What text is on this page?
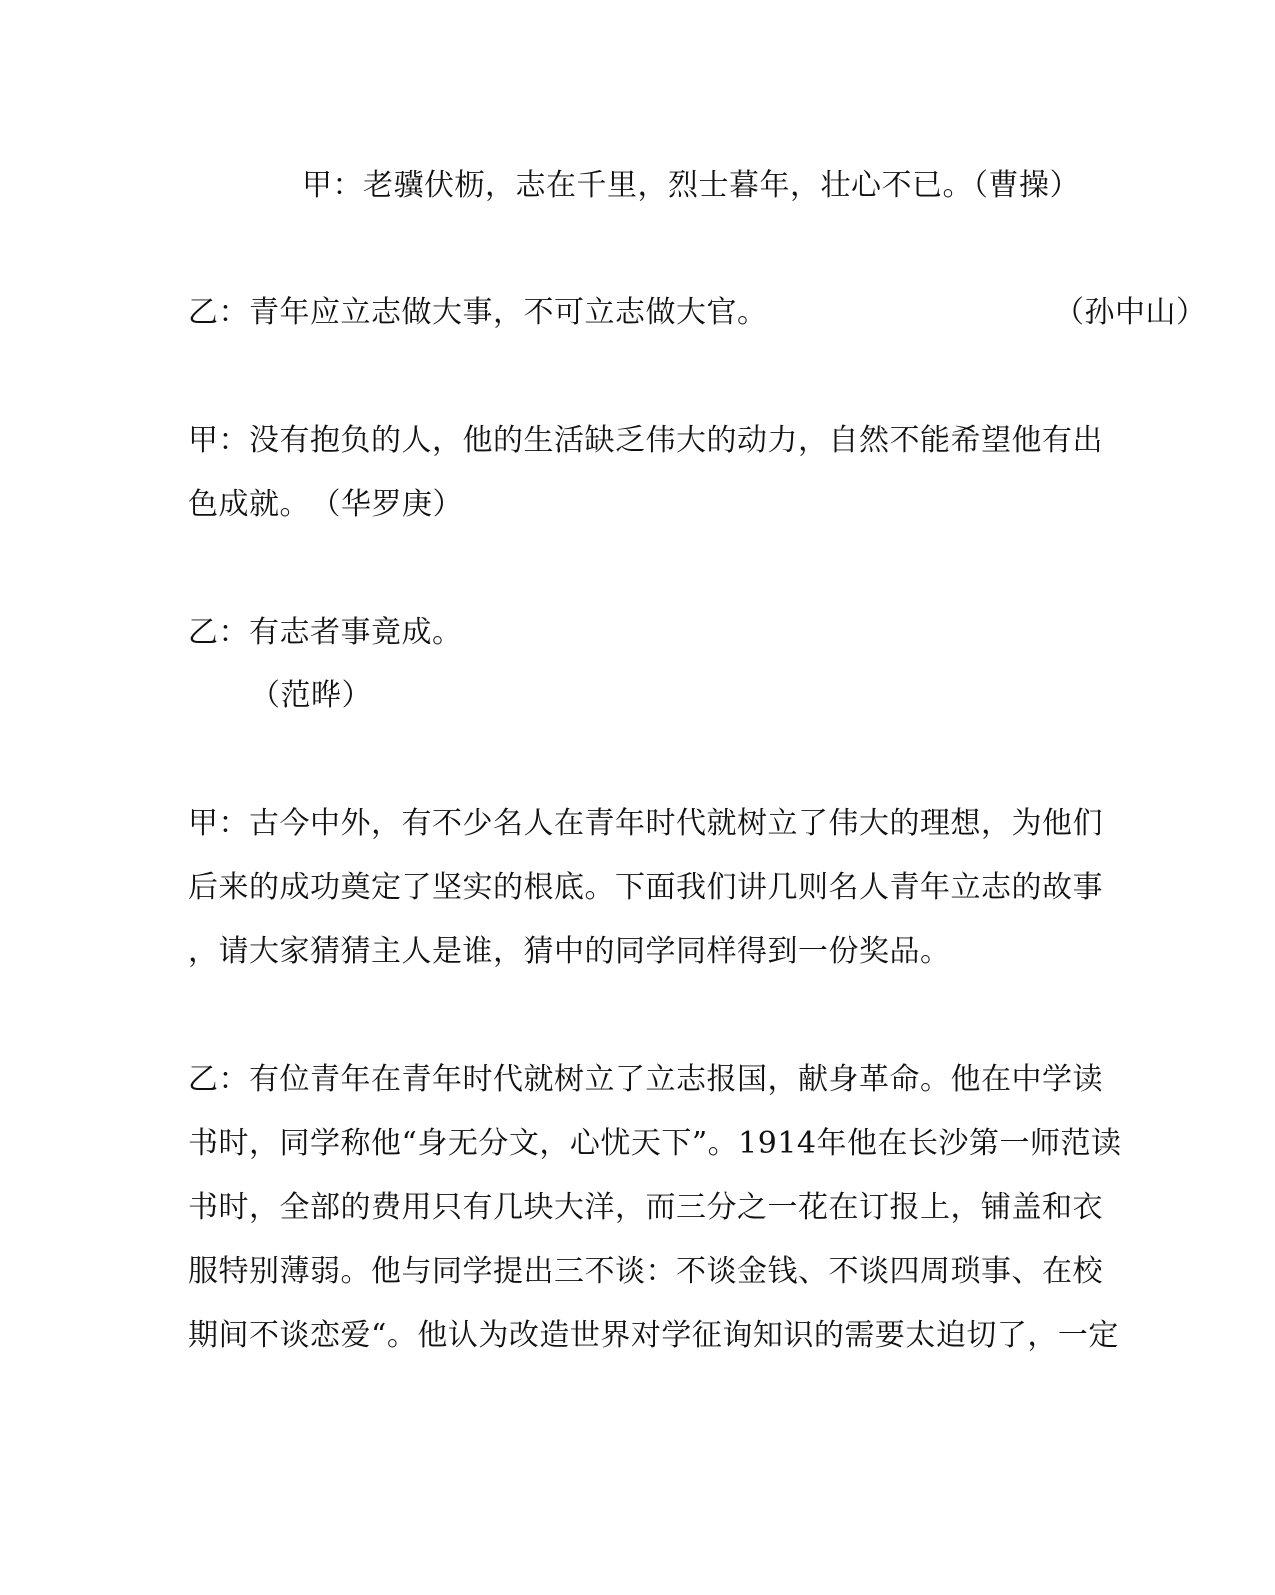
甲：老骥伏枥，志在千里，烈士暮年，壮心不已。（曹操）
乙：青年应立志做大事，不可立志做大官。	（孙中山）
甲：没有抱负的人，他的生活缺乏伟大的动力，自然不能希望他有出
色成就。　（华罗庚）
乙：有志者事竟成。
（范晔）
甲：古今中外，有不少名人在青年时代就树立了伟大的理想，为他们
后来的成功奠定了坚实的根底。下面我们讲几则名人青年立志的故事
，请大家猜猜主人是谁，猜中的同学同样得到一份奖品。
乙：有位青年在青年时代就树立了立志报国，献身革命。他在中学读
书时，同学称他“身无分文，心忧天下”。1914年他在长沙第一师范读
书时，全部的费用只有几块大洋，而三分之一花在订报上，铺盖和衣
服特别薄弱。他与同学提出三不谈：不谈金钱、不谈四周琐事、在校
期间不谈恋爱“。他认为改造世界对学征询知识的需要太迫切了，一定
